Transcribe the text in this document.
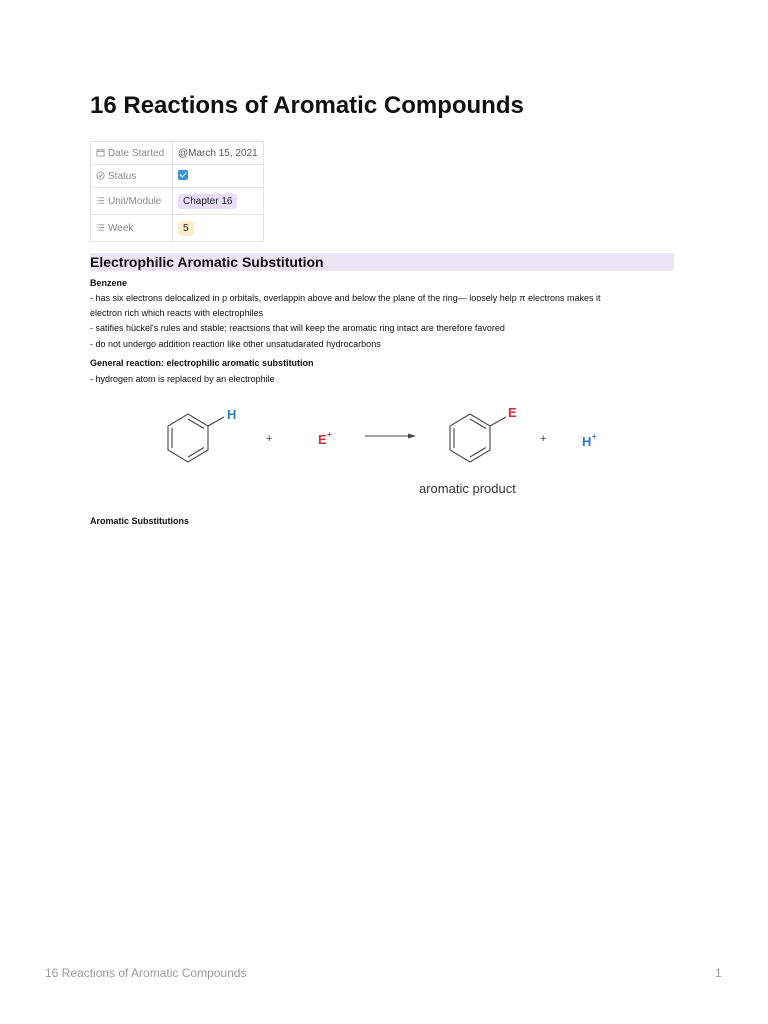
16 Reactions of Aromatic Compounds
Date Started	@March 15, 2021
Status	
Unit/Module	Chapter 16
Week	5
Electrophilic Aromatic Substitution
Benzene
- has six electrons delocalized in p orbitals, overlappin above and below the plane of the ring— loosely help π electrons makes it
electron rich which reacts with electrophiles
- satifies hückel's rules and stable; reactsions that will keep the aromatic ring intact are therefore favored
- do not undergo addition reaction like other unsatudarated hydrocarbons
General reaction: electrophilic aromatic substitution
- hydrogen atom is replaced by an electrophile
H
+	E +
E
+	H +
aromatic product
Aromatic Substitutions
16 Reactions of Aromatic Compounds	1
